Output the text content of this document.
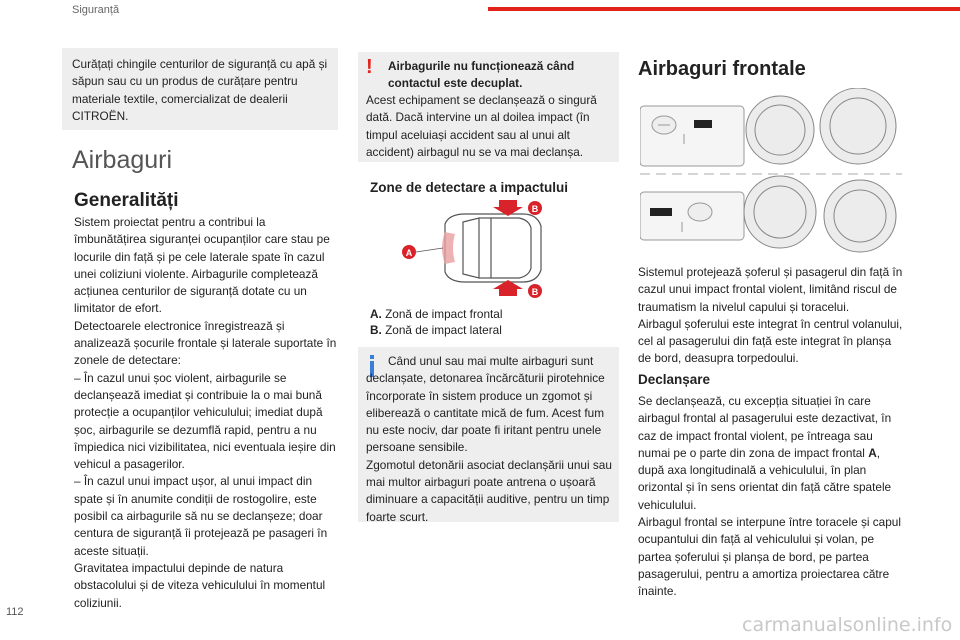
Siguranță

Curățați chingile centurilor de siguranță cu apă și săpun sau cu un produs de curățare pentru materiale textile, comercializat de dealerii CITROËN.

Airbaguri
Generalități

Sistem proiectat pentru a contribui la îmbunătățirea siguranței ocupanților care stau pe locurile din față și pe cele laterale spate în cazul unei coliziuni violente. Airbagurile completează acțiunea centurilor de siguranță dotate cu un limitator de efort.
Detectoarele electronice înregistrează și analizează șocurile frontale și laterale suportate în zonele de detectare:
– În cazul unui șoc violent, airbagurile se declanșează imediat și contribuie la o mai bună protecție a ocupanților vehiculului; imediat după șoc, airbagurile se dezumflă rapid, pentru a nu împiedica nici vizibilitatea, nici eventuala ieșire din vehicul a pasagerilor.
– În cazul unui impact ușor, al unui impact din spate și în anumite condiții de rostogolire, este posibil ca airbagurile să nu se declanșeze; doar centura de siguranță îi protejează pe pasageri în aceste situații.
Gravitatea impactului depinde de natura obstacolului și de viteza vehiculului în momentul coliziunii.

! Airbagurile nu funcționează când contactul este decuplat.

Acest echipament se declanșează o singură dată. Dacă intervine un al doilea impact (în timpul aceluiași accident sau al unui alt accident) airbagul nu se va mai declanșa.

Zone de detectare a impactului
B
B
A
A. Zonă de impact frontal
B. Zonă de impact lateral

Când unul sau mai multe airbaguri sunt declanșate, detonarea încărcăturii pirotehnice încorporate în sistem produce un zgomot și eliberează o cantitate mică de fum. Acest fum nu este nociv, dar poate fi iritant pentru unele persoane sensibile.
Zgomotul detonării asociat declanșării unui sau mai multor airbaguri poate antrena o ușoară diminuare a capacității auditive, pentru un timp foarte scurt.

Airbaguri frontale

Sistemul protejează șoferul și pasagerul din față în cazul unui impact frontal violent, limitând riscul de traumatism la nivelul capului și toracelui.
Airbagul șoferului este integrat în centrul volanului, cel al pasagerului din față este integrat în planșa de bord, deasupra torpedoului.

Declanșare

Se declanșează, cu excepția situației în care airbagul frontal al pasagerului este dezactivat, în caz de impact frontal violent, pe întreaga sau numai pe o parte din zona de impact frontal A, după axa longitudinală a vehiculului, în plan orizontal și în sens orientat din față către spatele vehiculului.
Airbagul frontal se interpune între toracele și capul ocupantului din față al vehiculului și volan, pe partea șoferului și planșa de bord, pe partea pasagerului, pentru a amortiza proiectarea către înainte.

112
carmanualsonline.info
